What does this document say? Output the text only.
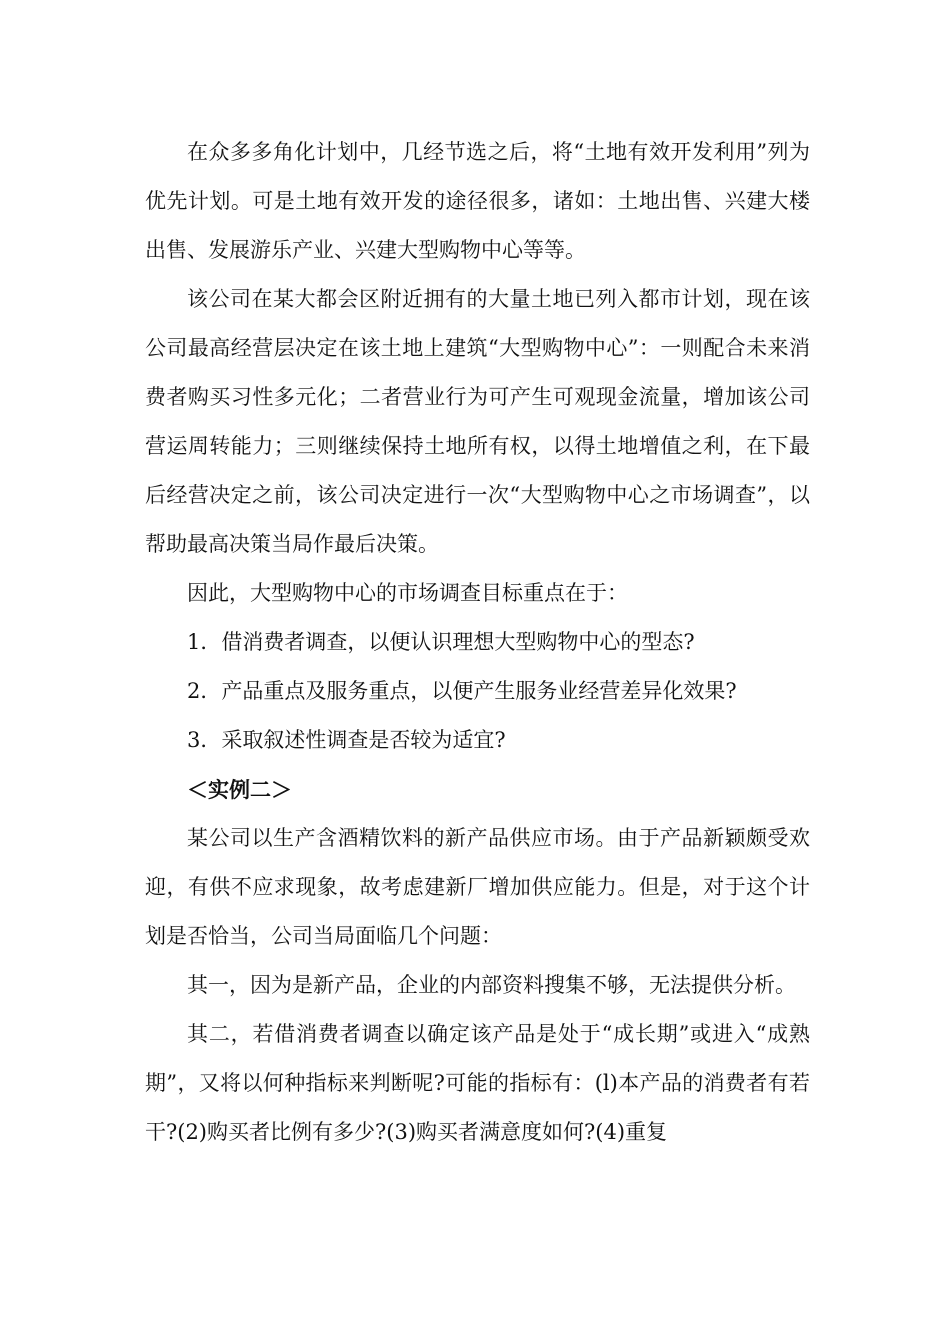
在众多多角化计划中，几经节选之后，将“土地有效开发利用”列为优先计划。可是土地有效开发的途径很多，诸如：土地出售、兴建大楼出售、发展游乐产业、兴建大型购物中心等等。

该公司在某大都会区附近拥有的大量土地已列入都市计划，现在该公司最高经营层决定在该土地上建筑“大型购物中心”：一则配合未来消费者购买习性多元化；二者营业行为可产生可观现金流量，增加该公司营运周转能力；三则继续保持土地所有权，以得土地增值之利，在下最后经营决定之前，该公司决定进行一次“大型购物中心之市场调查”，以帮助最高决策当局作最后决策。

因此，大型购物中心的市场调查目标重点在于：

1．借消费者调查，以便认识理想大型购物中心的型态?

2．产品重点及服务重点，以便产生服务业经营差异化效果?

3．采取叙述性调查是否较为适宜?

＜实例二＞

某公司以生产含酒精饮料的新产品供应市场。由于产品新颖颇受欢迎，有供不应求现象，故考虑建新厂增加供应能力。但是，对于这个计划是否恰当，公司当局面临几个问题：

其一，因为是新产品，企业的内部资料搜集不够，无法提供分析。

其二，若借消费者调查以确定该产品是处于“成长期”或进入“成熟期”，又将以何种指标来判断呢?可能的指标有：(l)本产品的消费者有若干?(2)购买者比例有多少?(3)购买者满意度如何?(4)重复
